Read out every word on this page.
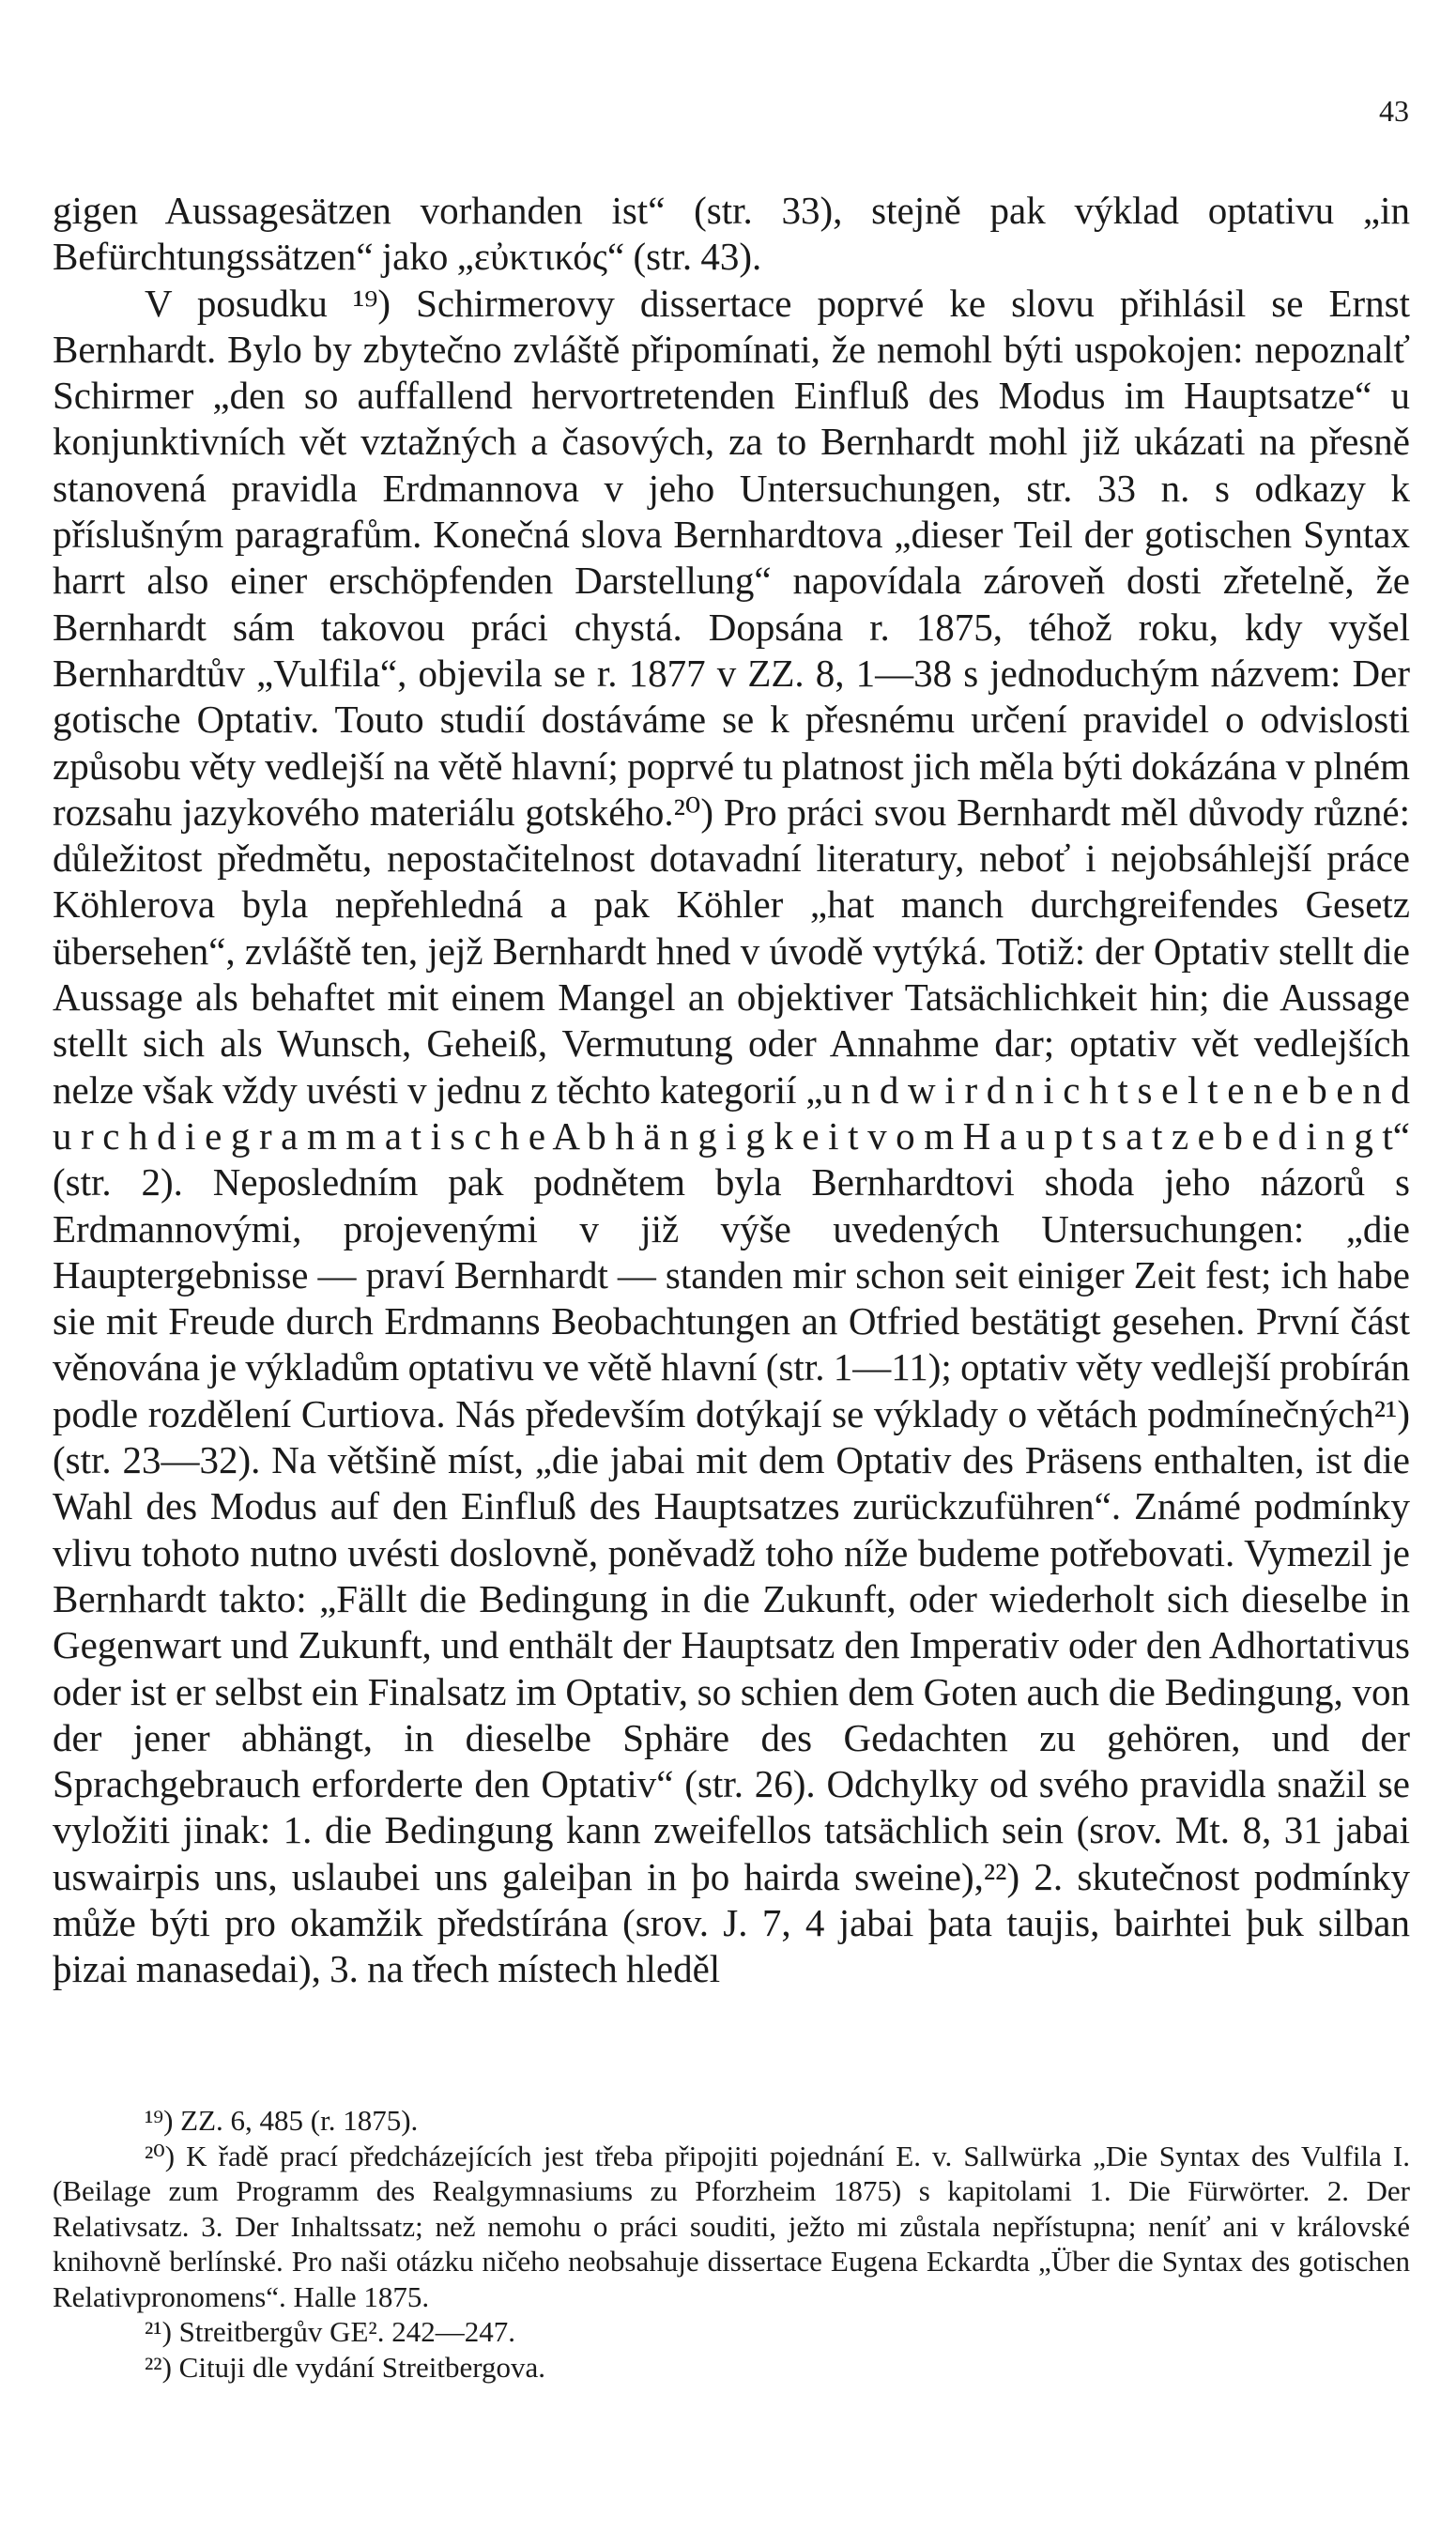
43

gigen Aussagesätzen vorhanden ist“ (str. 33), stejně pak výklad optativu „in Befürchtungssätzen“ jako „εὐκτικός“ (str. 43).

V posudku ¹⁹) Schirmerovy dissertace poprvé ke slovu přihlásil se Ernst Bernhardt. Bylo by zbytečno zvláště připomínati, že nemohl býti uspokojen: nepoznalť Schirmer „den so auffallend hervortretenden Einfluß des Modus im Hauptsatze“ u konjunktivních vět vztažných a časových, za to Bernhardt mohl již ukázati na přesně stanovená pravidla Erdmannova v jeho Untersuchungen, str. 33 n. s odkazy k příslušným paragrafům. Konečná slova Bernhardtova „dieser Teil der gotischen Syntax harrt also einer erschöpfenden Darstellung“ napovídala zároveň dosti zřetelně, že Bernhardt sám takovou práci chystá. Dopsána r. 1875, téhož roku, kdy vyšel Bernhardtův „Vulfila“, objevila se r. 1877 v ZZ. 8, 1—38 s jednoduchým názvem: Der gotische Optativ. Touto studií dostáváme se k přesnému určení pravidel o odvislosti způsobu věty vedlejší na větě hlavní; poprvé tu platnost jich měla býti dokázána v plném rozsahu jazykového materiálu gotského.²⁰) Pro práci svou Bernhardt měl důvody různé: důležitost předmětu, nepostačitelnost dotavadní literatury, neboť i nejobsáhlejší práce Köhlerova byla nepřehledná a pak Köhler „hat manch durchgreifendes Gesetz übersehen“, zvláště ten, jejž Bernhardt hned v úvodě vytýká. Totiž: der Optativ stellt die Aussage als behaftet mit einem Mangel an objektiver Tatsächlichkeit hin; die Aussage stellt sich als Wunsch, Geheiß, Vermutung oder Annahme dar; optativ vět vedlejších nelze však vždy uvésti v jednu z těchto kategorií „u n d w i r d n i c h t s e l t e n e b e n d u r c h d i e g r a m m a t i s c h e A b h ä n g i g k e i t v o m H a u p t s a t z e b e d i n g t“ (str. 2). Neposledním pak podnětem byla Bernhardtovi shoda jeho názorů s Erdmannovými, projevenými v již výše uvedených Untersuchungen: „die Hauptergebnisse — praví Bernhardt — standen mir schon seit einiger Zeit fest; ich habe sie mit Freude durch Erdmanns Beobachtungen an Otfried bestätigt gesehen. První část věnována je výkladům optativu ve větě hlavní (str. 1—11); optativ věty vedlejší probírán podle rozdělení Curtiova. Nás především dotýkají se výklady o větách podmínečných²¹) (str. 23—32). Na většině míst, „die jabai mit dem Optativ des Präsens enthalten, ist die Wahl des Modus auf den Einfluß des Hauptsatzes zurückzuführen“. Známé podmínky vlivu tohoto nutno uvésti doslovně, poněvadž toho níže budeme potřebovati. Vymezil je Bernhardt takto: „Fällt die Bedingung in die Zukunft, oder wiederholt sich dieselbe in Gegenwart und Zukunft, und enthält der Hauptsatz den Imperativ oder den Adhortativus oder ist er selbst ein Finalsatz im Optativ, so schien dem Goten auch die Bedingung, von der jener abhängt, in dieselbe Sphäre des Gedachten zu gehören, und der Sprachgebrauch erforderte den Optativ“ (str. 26). Odchylky od svého pravidla snažil se vyložiti jinak: 1. die Bedingung kann zweifellos tatsächlich sein (srov. Mt. 8, 31 jabai uswairpis uns, uslaubei uns galeiþan in þo hairda sweine),²²) 2. skutečnost podmínky může býti pro okamžik předstírána (srov. J. 7, 4 jabai þata taujis, bairhtei þuk silban þizai manasedai), 3. na třech místech hleděl

¹⁹) ZZ. 6, 485 (r. 1875).

²⁰) K řadě prací předcházejících jest třeba připojiti pojednání E. v. Sallwürka „Die Syntax des Vulfila I. (Beilage zum Programm des Realgymnasiums zu Pforzheim 1875) s kapitolami 1. Die Fürwörter. 2. Der Relativsatz. 3. Der Inhaltssatz; než nemohu o práci souditi, ježto mi zůstala nepřístupna; neníť ani v královské knihovně berlínské. Pro naši otázku ničeho neobsahuje dissertace Eugena Eckardta „Über die Syntax des gotischen Relativpronomens“. Halle 1875.

²¹) Streitbergův GE². 242—247.

²²) Cituji dle vydání Streitbergova.
